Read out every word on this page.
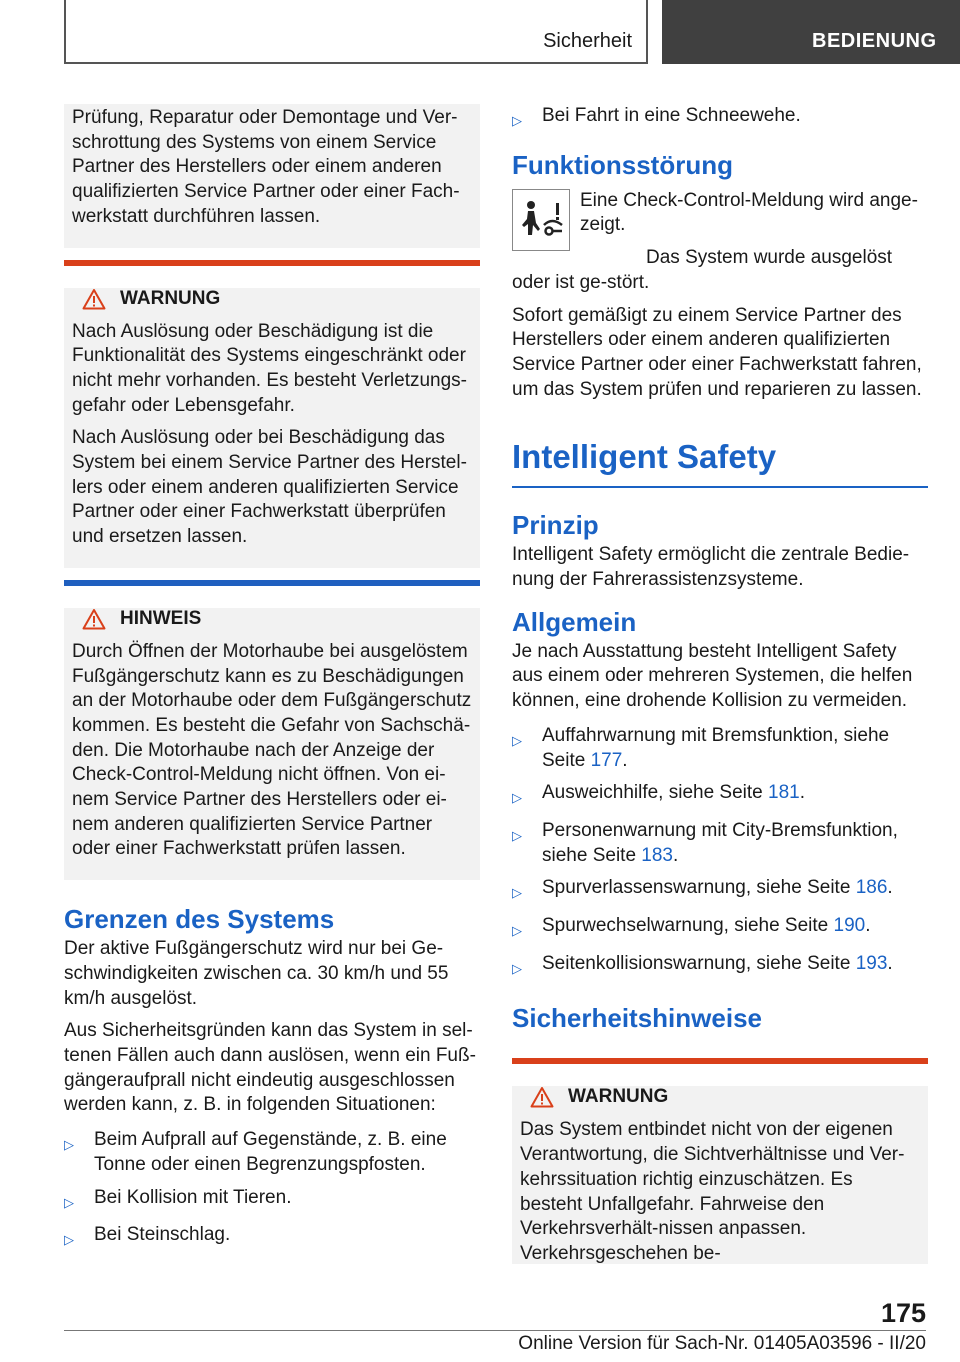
Sicherheit	BEDIENUNG

Prüfung, Reparatur oder Demontage und Ver‐schrottung des Systems von einem Service Partner des Herstellers oder einem anderen qualifizierten Service Partner oder einer Fach‐werkstatt durchführen lassen.

WARNUNG

Nach Auslösung oder Beschädigung ist die Funktionalität des Systems eingeschränkt oder nicht mehr vorhanden. Es besteht Verletzungs‐gefahr oder Lebensgefahr.

Nach Auslösung oder bei Beschädigung das System bei einem Service Partner des Herstel‐lers oder einem anderen qualifizierten Service Partner oder einer Fachwerkstatt überprüfen und ersetzen lassen.

HINWEIS

Durch Öffnen der Motorhaube bei ausgelöstem Fußgängerschutz kann es zu Beschädigungen an der Motorhaube oder dem Fußgängerschutz kommen. Es besteht die Gefahr von Sachschä‐den. Die Motorhaube nach der Anzeige der Check-Control-Meldung nicht öffnen. Von ei‐nem Service Partner des Herstellers oder ei‐nem anderen qualifizierten Service Partner oder einer Fachwerkstatt prüfen lassen.

Grenzen des Systems

Der aktive Fußgängerschutz wird nur bei Ge‐schwindigkeiten zwischen ca. 30 km/h und 55 km/h ausgelöst.

Aus Sicherheitsgründen kann das System in sel‐tenen Fällen auch dann auslösen, wenn ein Fuß‐gängeraufprall nicht eindeutig ausgeschlossen werden kann, z. B. in folgenden Situationen:

▷	Beim Aufprall auf Gegenstände, z. B. eine Tonne oder einen Begrenzungspfosten.
▷	Bei Kollision mit Tieren.
▷	Bei Steinschlag.
▷	Bei Fahrt in eine Schneewehe.
Funktionsstörung

Eine Check-Control-Meldung wird ange‐zeigt.

Das System wurde ausgelöst oder ist ge‐stört.

Sofort gemäßigt zu einem Service Partner des Herstellers oder einem anderen qualifizierten Service Partner oder einer Fachwerkstatt fahren, um das System prüfen und reparieren zu lassen.

Intelligent Safety
Prinzip

Intelligent Safety ermöglicht die zentrale Bedie‐nung der Fahrerassistenzsysteme.

Allgemein

Je nach Ausstattung besteht Intelligent Safety aus einem oder mehreren Systemen, die helfen können, eine drohende Kollision zu vermeiden.

▷	Auffahrwarnung mit Bremsfunktion, siehe Seite 177.
▷	Ausweichhilfe, siehe Seite 181.
▷	Personenwarnung mit City-Bremsfunktion, siehe Seite 183.
▷	Spurverlassenswarnung, siehe Seite 186.
▷	Spurwechselwarnung, siehe Seite 190.
▷	Seitenkollisionswarnung, siehe Seite 193.
Sicherheitshinweise
WARNUNG

Das System entbindet nicht von der eigenen Verantwortung, die Sichtverhältnisse und Ver‐kehrssituation richtig einzuschätzen. Es besteht Unfallgefahr. Fahrweise den Verkehrsverhält‐nissen anpassen. Verkehrsgeschehen be‐

175
Online Version für Sach-Nr. 01405A03596 - II/20
